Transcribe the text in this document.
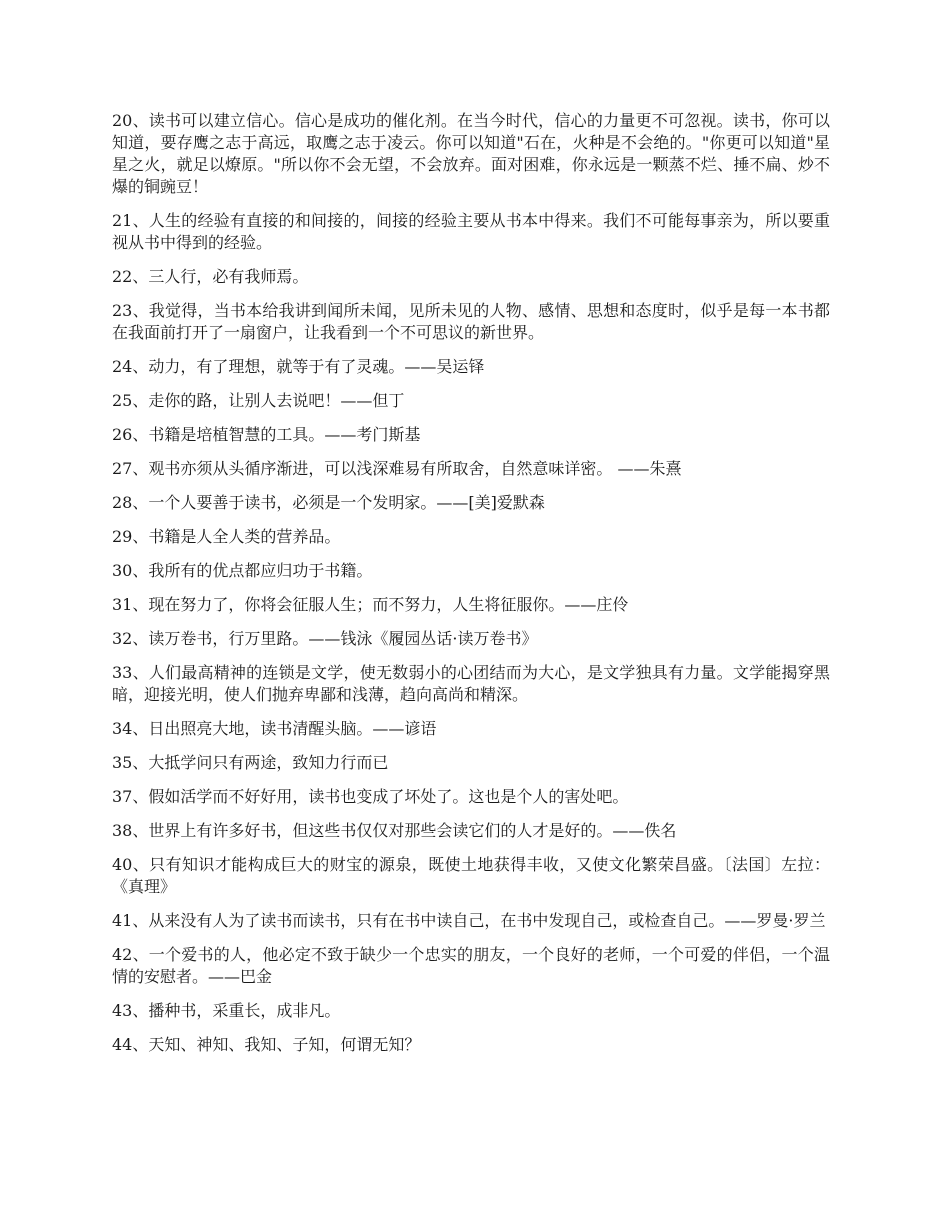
20、读书可以建立信心。信心是成功的催化剂。在当今时代，信心的力量更不可忽视。读书，你可以知道，要存鹰之志于高远，取鹰之志于凌云。你可以知道"石在，火种是不会绝的。"你更可以知道"星星之火，就足以燎原。"所以你不会无望，不会放弃。面对困难，你永远是一颗蒸不烂、捶不扁、炒不爆的铜豌豆！

21、人生的经验有直接的和间接的，间接的经验主要从书本中得来。我们不可能每事亲为，所以要重视从书中得到的经验。

22、三人行，必有我师焉。

23、我觉得，当书本给我讲到闻所未闻，见所未见的人物、感情、思想和态度时，似乎是每一本书都在我面前打开了一扇窗户，让我看到一个不可思议的新世界。

24、动力，有了理想，就等于有了灵魂。——吴运铎

25、走你的路，让别人去说吧！——但丁

26、书籍是培植智慧的工具。——考门斯基

27、观书亦须从头循序渐进，可以浅深难易有所取舍，自然意味详密。 ——朱熹

28、一个人要善于读书，必须是一个发明家。——[美]爱默森

29、书籍是人全人类的营养品。

30、我所有的优点都应归功于书籍。

31、现在努力了，你将会征服人生；而不努力，人生将征服你。——庄伶

32、读万卷书，行万里路。——钱泳《履园丛话·读万卷书》

33、人们最高精神的连锁是文学，使无数弱小的心团结而为大心，是文学独具有力量。文学能揭穿黑暗，迎接光明，使人们抛弃卑鄙和浅薄，趋向高尚和精深。

34、日出照亮大地，读书清醒头脑。——谚语

35、大抵学问只有两途，致知力行而已

37、假如活学而不好好用，读书也变成了坏处了。这也是个人的害处吧。

38、世界上有许多好书，但这些书仅仅对那些会读它们的人才是好的。——佚名

40、只有知识才能构成巨大的财宝的源泉，既使土地获得丰收，又使文化繁荣昌盛。〔法国〕左拉：《真理》

41、从来没有人为了读书而读书，只有在书中读自己，在书中发现自己，或检查自己。——罗曼·罗兰

42、一个爱书的人，他必定不致于缺少一个忠实的朋友，一个良好的老师，一个可爱的伴侣，一个温情的安慰者。——巴金

43、播种书，采重长，成非凡。

44、天知、神知、我知、子知，何谓无知？
